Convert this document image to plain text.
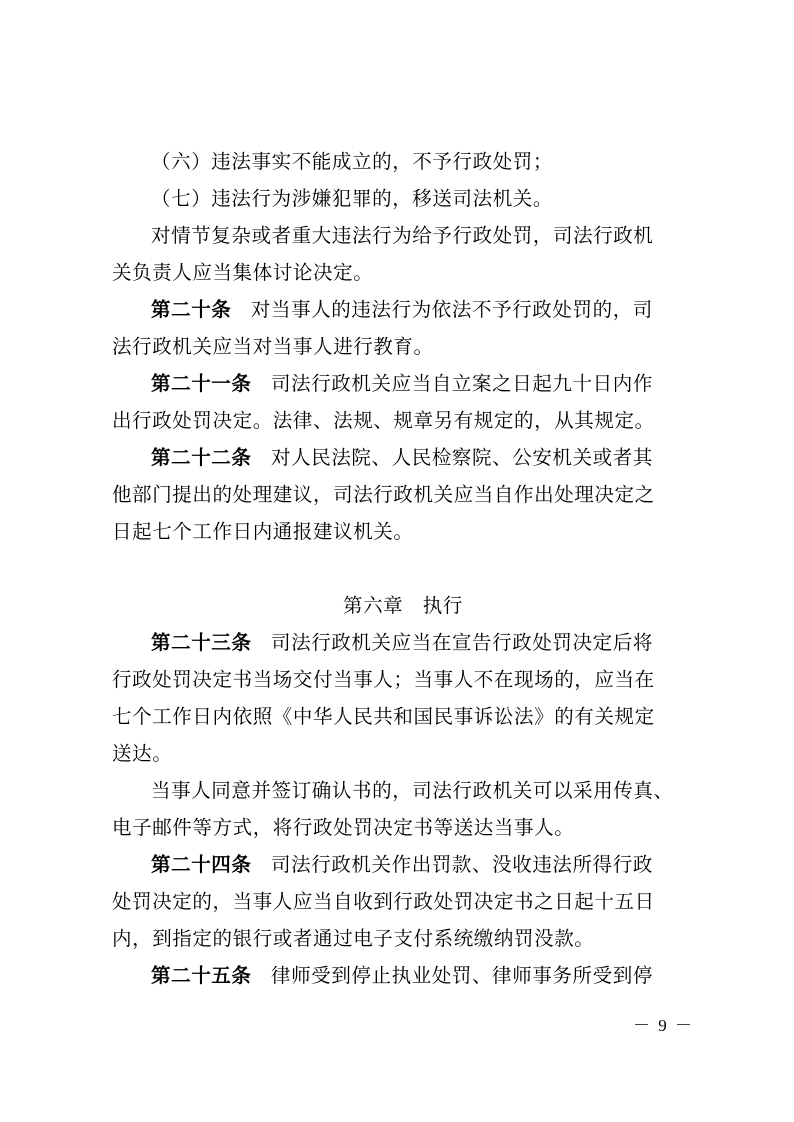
（六）违法事实不能成立的，不予行政处罚；

（七）违法行为涉嫌犯罪的，移送司法机关。

对情节复杂或者重大违法行为给予行政处罚，司法行政机
关负责人应当集体讨论决定。

第二十条 对当事人的违法行为依法不予行政处罚的，司
法行政机关应当对当事人进行教育。

第二十一条 司法行政机关应当自立案之日起九十日内作
出行政处罚决定。法律、法规、规章另有规定的，从其规定。

第二十二条 对人民法院、人民检察院、公安机关或者其
他部门提出的处理建议，司法行政机关应当自作出处理决定之
日起七个工作日内通报建议机关。

第六章 执行

第二十三条 司法行政机关应当在宣告行政处罚决定后将
行政处罚决定书当场交付当事人；当事人不在现场的，应当在
七个工作日内依照《中华人民共和国民事诉讼法》的有关规定
送达。

当事人同意并签订确认书的，司法行政机关可以采用传真、
电子邮件等方式，将行政处罚决定书等送达当事人。

第二十四条 司法行政机关作出罚款、没收违法所得行政
处罚决定的，当事人应当自收到行政处罚决定书之日起十五日
内，到指定的银行或者通过电子支付系统缴纳罚没款。

第二十五条 律师受到停止执业处罚、律师事务所受到停

－ 9 －
